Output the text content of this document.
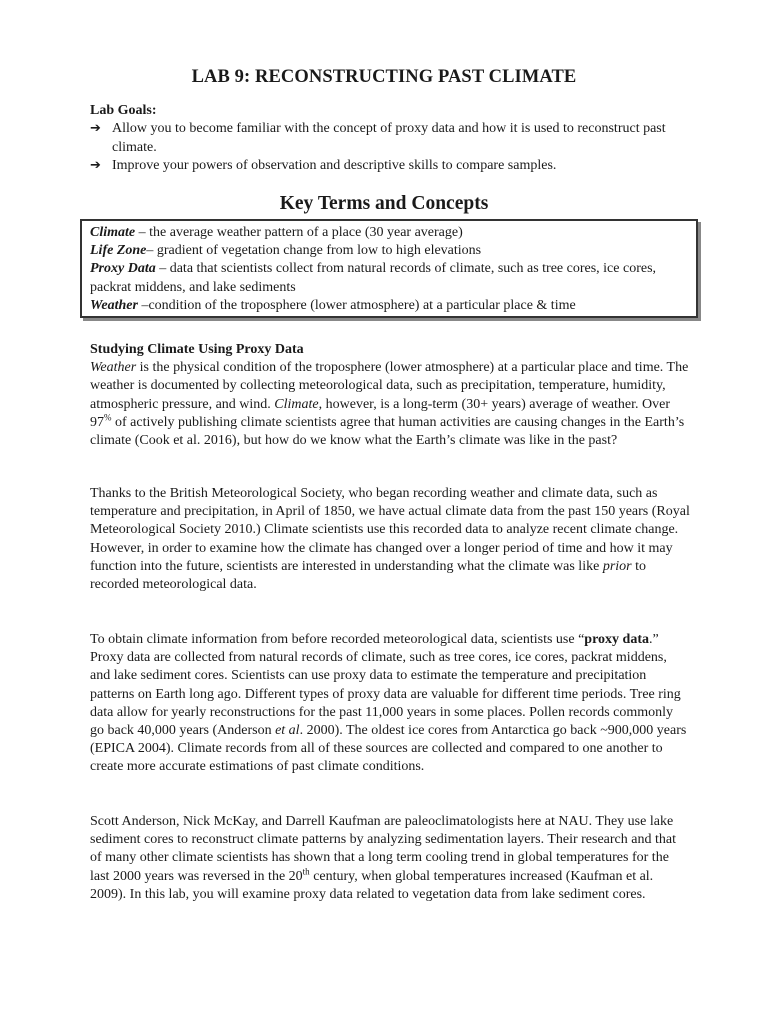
LAB 9: RECONSTRUCTING PAST CLIMATE
Lab Goals:
➔ Allow you to become familiar with the concept of proxy data and how it is used to reconstruct past climate.
➔ Improve your powers of observation and descriptive skills to compare samples.
Key Terms and Concepts
Climate – the average weather pattern of a place (30 year average)
Life Zone– gradient of vegetation change from low to high elevations
Proxy Data – data that scientists collect from natural records of climate, such as tree cores, ice cores, packrat middens, and lake sediments
Weather –condition of the troposphere (lower atmosphere) at a particular place & time
Studying Climate Using Proxy Data
Weather is the physical condition of the troposphere (lower atmosphere) at a particular place and time. The weather is documented by collecting meteorological data, such as precipitation, temperature, humidity, atmospheric pressure, and wind. Climate, however, is a long-term (30+ years) average of weather. Over 97% of actively publishing climate scientists agree that human activities are causing changes in the Earth’s climate (Cook et al. 2016), but how do we know what the Earth’s climate was like in the past?
Thanks to the British Meteorological Society, who began recording weather and climate data, such as temperature and precipitation, in April of 1850, we have actual climate data from the past 150 years (Royal Meteorological Society 2010.) Climate scientists use this recorded data to analyze recent climate change. However, in order to examine how the climate has changed over a longer period of time and how it may function into the future, scientists are interested in understanding what the climate was like prior to recorded meteorological data.
To obtain climate information from before recorded meteorological data, scientists use “proxy data.” Proxy data are collected from natural records of climate, such as tree cores, ice cores, packrat middens, and lake sediment cores. Scientists can use proxy data to estimate the temperature and precipitation patterns on Earth long ago. Different types of proxy data are valuable for different time periods. Tree ring data allow for yearly reconstructions for the past 11,000 years in some places. Pollen records commonly go back 40,000 years (Anderson et al. 2000). The oldest ice cores from Antarctica go back ~900,000 years (EPICA 2004). Climate records from all of these sources are collected and compared to one another to create more accurate estimations of past climate conditions.
Scott Anderson, Nick McKay, and Darrell Kaufman are paleoclimatologists here at NAU. They use lake sediment cores to reconstruct climate patterns by analyzing sedimentation layers. Their research and that of many other climate scientists has shown that a long term cooling trend in global temperatures for the last 2000 years was reversed in the 20th century, when global temperatures increased (Kaufman et al. 2009). In this lab, you will examine proxy data related to vegetation data from lake sediment cores.
